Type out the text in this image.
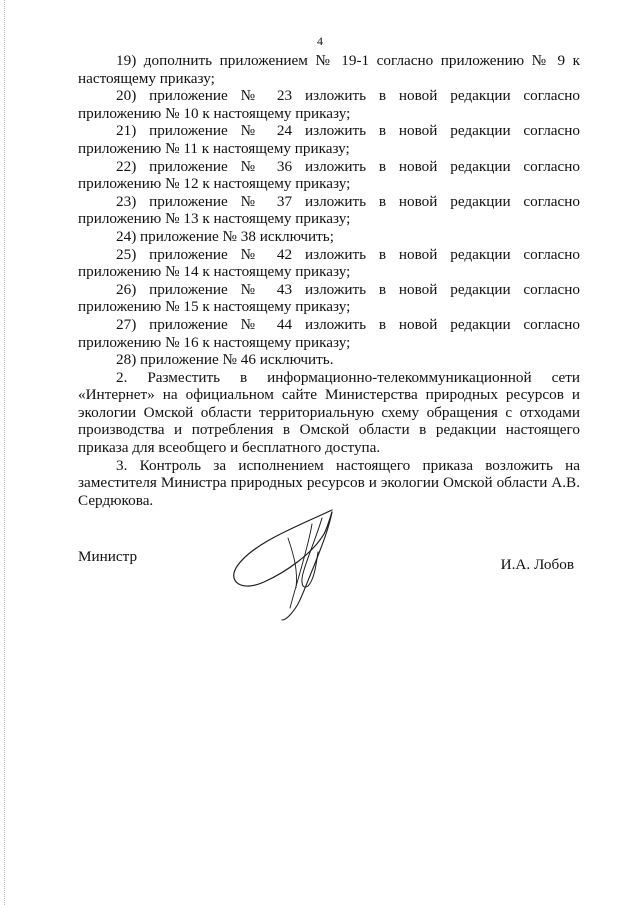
4

19) дополнить приложением № 19-1 согласно приложению № 9 к настоящему приказу;

20) приложение № 23 изложить в новой редакции согласно приложению № 10 к настоящему приказу;

21) приложение № 24 изложить в новой редакции согласно приложению № 11 к настоящему приказу;

22) приложение № 36 изложить в новой редакции согласно приложению № 12 к настоящему приказу;

23) приложение № 37 изложить в новой редакции согласно приложению № 13 к настоящему приказу;

24) приложение № 38 исключить;

25) приложение № 42 изложить в новой редакции согласно приложению № 14 к настоящему приказу;

26) приложение № 43 изложить в новой редакции согласно приложению № 15 к настоящему приказу;

27) приложение № 44 изложить в новой редакции согласно приложению № 16 к настоящему приказу;

28) приложение № 46 исключить.

2. Разместить в информационно-телекоммуникационной сети «Интернет» на официальном сайте Министерства природных ресурсов и экологии Омской области территориальную схему обращения с отходами производства и потребления в Омской области в редакции настоящего приказа для всеобщего и бесплатного доступа.

3. Контроль за исполнением настоящего приказа возложить на заместителя Министра природных ресурсов и экологии Омской области А.В. Сердюкова.

Министр	И.А. Лобов
